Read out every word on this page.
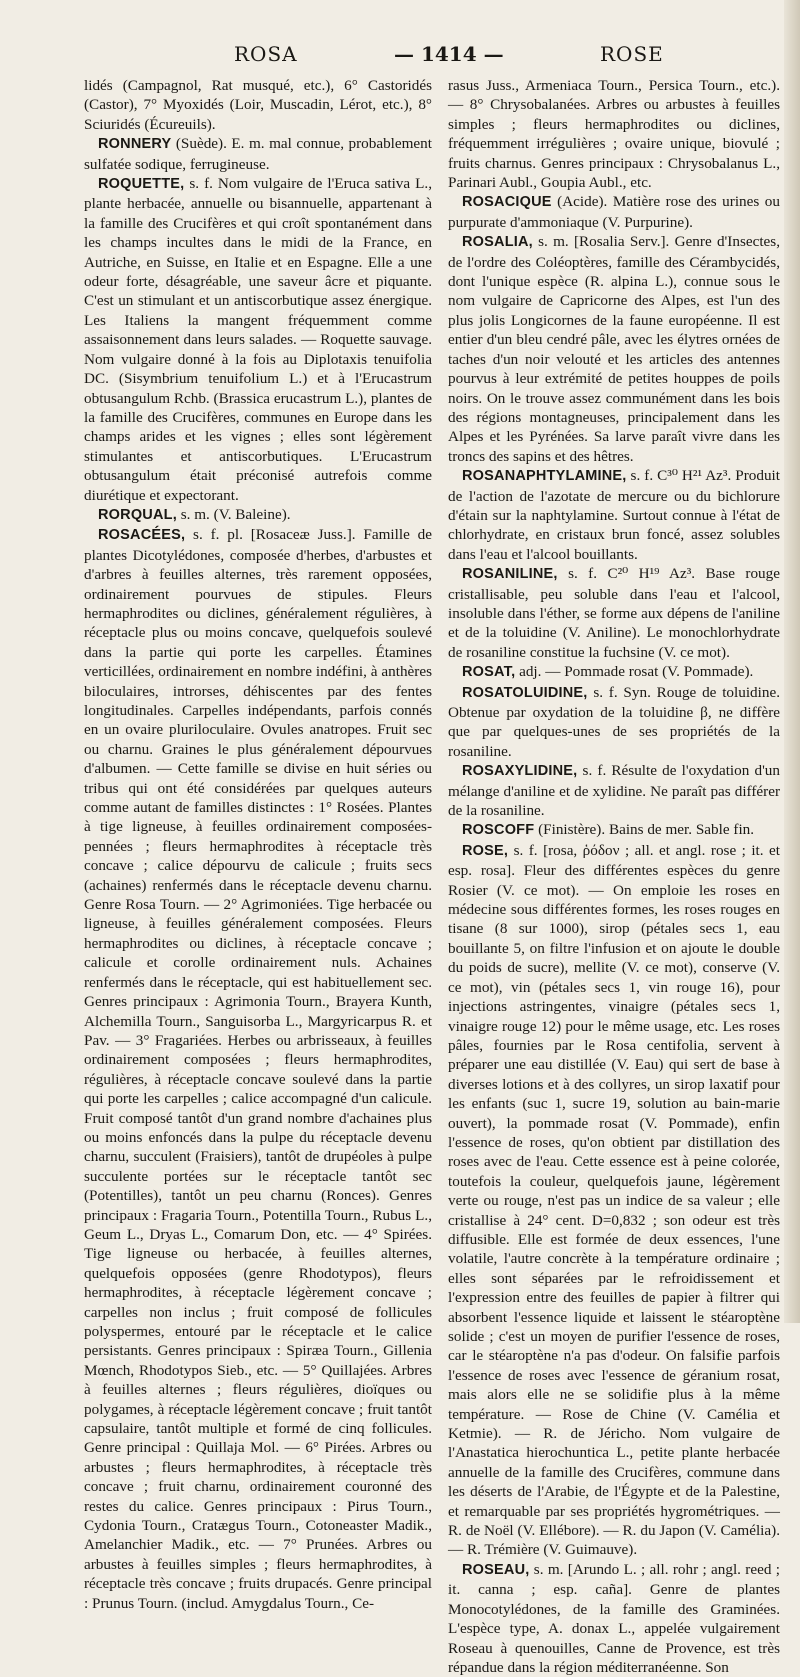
ROSA	— 1414 —	ROSE

lidés (Campagnol, Rat musqué, etc.), 6° Castoridés (Castor), 7° Myoxidés (Loir, Muscadin, Lérot, etc.), 8° Sciuridés (Écureuils).

RONNERY (Suède). E. m. mal connue, probablement sulfatée sodique, ferrugineuse.

ROQUETTE, s. f. Nom vulgaire de l'Eruca sativa L., plante herbacée, annuelle ou bisannuelle, appartenant à la famille des Crucifères et qui croît spontanément dans les champs incultes dans le midi de la France, en Autriche, en Suisse, en Italie et en Espagne. Elle a une odeur forte, désagréable, une saveur âcre et piquante. C'est un stimulant et un antiscorbutique assez énergique. Les Italiens la mangent fréquemment comme assaisonnement dans leurs salades. — Roquette sauvage. Nom vulgaire donné à la fois au Diplotaxis tenuifolia DC. (Sisymbrium tenuifolium L.) et à l'Erucastrum obtusangulum Rchb. (Brassica erucastrum L.), plantes de la famille des Crucifères, communes en Europe dans les champs arides et les vignes ; elles sont légèrement stimulantes et antiscorbutiques. L'Erucastrum obtusangulum était préconisé autrefois comme diurétique et expectorant.

RORQUAL, s. m. (V. Baleine).

ROSACÉES, s. f. pl. [Rosaceæ Juss.]. Famille de plantes Dicotylédones, composée d'herbes, d'arbustes et d'arbres à feuilles alternes, très rarement opposées, ordinairement pourvues de stipules. Fleurs hermaphrodites ou diclines, généralement régulières, à réceptacle plus ou moins concave, quelquefois soulevé dans la partie qui porte les carpelles. Étamines verticillées, ordinairement en nombre indéfini, à anthères biloculaires, introrses, déhiscentes par des fentes longitudinales. Carpelles indépendants, parfois connés en un ovaire pluriloculaire. Ovules anatropes. Fruit sec ou charnu. Graines le plus généralement dépourvues d'albumen. — Cette famille se divise en huit séries ou tribus qui ont été considérées par quelques auteurs comme autant de familles distinctes : 1° Rosées. Plantes à tige ligneuse, à feuilles ordinairement composées-pennées ; fleurs hermaphrodites à réceptacle très concave ; calice dépourvu de calicule ; fruits secs (achaines) renfermés dans le réceptacle devenu charnu. Genre Rosa Tourn. — 2° Agrimoniées. Tige herbacée ou ligneuse, à feuilles généralement composées. Fleurs hermaphrodites ou diclines, à réceptacle concave ; calicule et corolle ordinairement nuls. Achaines renfermés dans le réceptacle, qui est habituellement sec. Genres principaux : Agrimonia Tourn., Brayera Kunth, Alchemilla Tourn., Sanguisorba L., Margyricarpus R. et Pav. — 3° Fragariées. Herbes ou arbrisseaux, à feuilles ordinairement composées ; fleurs hermaphrodites, régulières, à réceptacle concave soulevé dans la partie qui porte les carpelles ; calice accompagné d'un calicule. Fruit composé tantôt d'un grand nombre d'achaines plus ou moins enfoncés dans la pulpe du réceptacle devenu charnu, succulent (Fraisiers), tantôt de drupéoles à pulpe succulente portées sur le réceptacle tantôt sec (Potentilles), tantôt un peu charnu (Ronces). Genres principaux : Fragaria Tourn., Potentilla Tourn., Rubus L., Geum L., Dryas L., Comarum Don, etc. — 4° Spirées. Tige ligneuse ou herbacée, à feuilles alternes, quelquefois opposées (genre Rhodotypos), fleurs hermaphrodites, à réceptacle légèrement concave ; carpelles non inclus ; fruit composé de follicules polyspermes, entouré par le réceptacle et le calice persistants. Genres principaux : Spiræa Tourn., Gillenia Mœnch, Rhodotypos Sieb., etc. — 5° Quillajées. Arbres à feuilles alternes ; fleurs régulières, dioïques ou polygames, à réceptacle légèrement concave ; fruit tantôt capsulaire, tantôt multiple et formé de cinq follicules. Genre principal : Quillaja Mol. — 6° Pirées. Arbres ou arbustes ; fleurs hermaphrodites, à réceptacle très concave ; fruit charnu, ordinairement couronné des restes du calice. Genres principaux : Pirus Tourn., Cydonia Tourn., Cratægus Tourn., Cotoneaster Madik., Amelanchier Madik., etc. — 7° Prunées. Arbres ou arbustes à feuilles simples ; fleurs hermaphrodites, à réceptacle très concave ; fruits drupacés. Genre principal : Prunus Tourn. (includ. Amygdalus Tourn., Ce-

rasus Juss., Armeniaca Tourn., Persica Tourn., etc.). — 8° Chrysobalanées. Arbres ou arbustes à feuilles simples ; fleurs hermaphrodites ou diclines, fréquemment irrégulières ; ovaire unique, biovulé ; fruits charnus. Genres principaux : Chrysobalanus L., Parinari Aubl., Goupia Aubl., etc.

ROSACIQUE (Acide). Matière rose des urines ou purpurate d'ammoniaque (V. Purpurine).

ROSALIA, s. m. [Rosalia Serv.]. Genre d'Insectes, de l'ordre des Coléoptères, famille des Cérambycidés, dont l'unique espèce (R. alpina L.), connue sous le nom vulgaire de Capricorne des Alpes, est l'un des plus jolis Longicornes de la faune européenne. Il est entier d'un bleu cendré pâle, avec les élytres ornées de taches d'un noir velouté et les articles des antennes pourvus à leur extrémité de petites houppes de poils noirs. On le trouve assez communément dans les bois des régions montagneuses, principalement dans les Alpes et les Pyrénées. Sa larve paraît vivre dans les troncs des sapins et des hêtres.

ROSANAPHTYLAMINE, s. f. C³⁰ H²¹ Az³. Produit de l'action de l'azotate de mercure ou du bichlorure d'étain sur la naphtylamine. Surtout connue à l'état de chlorhydrate, en cristaux brun foncé, assez solubles dans l'eau et l'alcool bouillants.

ROSANILINE, s. f. C²⁰ H¹⁹ Az³. Base rouge cristallisable, peu soluble dans l'eau et l'alcool, insoluble dans l'éther, se forme aux dépens de l'aniline et de la toluidine (V. Aniline). Le monochlorhydrate de rosaniline constitue la fuchsine (V. ce mot).

ROSAT, adj. — Pommade rosat (V. Pommade).

ROSATOLUIDINE, s. f. Syn. Rouge de toluidine. Obtenue par oxydation de la toluidine β, ne diffère que par quelques-unes de ses propriétés de la rosaniline.

ROSAXYLIDINE, s. f. Résulte de l'oxydation d'un mélange d'aniline et de xylidine. Ne paraît pas différer de la rosaniline.

ROSCOFF (Finistère). Bains de mer. Sable fin.

ROSE, s. f. [rosa, ῥόδον ; all. et angl. rose ; it. et esp. rosa]. Fleur des différentes espèces du genre Rosier (V. ce mot). — On emploie les roses en médecine sous différentes formes, les roses rouges en tisane (8 sur 1000), sirop (pétales secs 1, eau bouillante 5, on filtre l'infusion et on ajoute le double du poids de sucre), mellite (V. ce mot), conserve (V. ce mot), vin (pétales secs 1, vin rouge 16), pour injections astringentes, vinaigre (pétales secs 1, vinaigre rouge 12) pour le même usage, etc. Les roses pâles, fournies par le Rosa centifolia, servent à préparer une eau distillée (V. Eau) qui sert de base à diverses lotions et à des collyres, un sirop laxatif pour les enfants (suc 1, sucre 19, solution au bain-marie ouvert), la pommade rosat (V. Pommade), enfin l'essence de roses, qu'on obtient par distillation des roses avec de l'eau. Cette essence est à peine colorée, toutefois la couleur, quelquefois jaune, légèrement verte ou rouge, n'est pas un indice de sa valeur ; elle cristallise à 24° cent. D=0,832 ; son odeur est très diffusible. Elle est formée de deux essences, l'une volatile, l'autre concrète à la température ordinaire ; elles sont séparées par le refroidissement et l'expression entre des feuilles de papier à filtrer qui absorbent l'essence liquide et laissent le stéaroptène solide ; c'est un moyen de purifier l'essence de roses, car le stéaroptène n'a pas d'odeur. On falsifie parfois l'essence de roses avec l'essence de géranium rosat, mais alors elle ne se solidifie plus à la même température. — Rose de Chine (V. Camélia et Ketmie). — R. de Jéricho. Nom vulgaire de l'Anastatica hierochuntica L., petite plante herbacée annuelle de la famille des Crucifères, commune dans les déserts de l'Arabie, de l'Égypte et de la Palestine, et remarquable par ses propriétés hygrométriques. — R. de Noël (V. Ellébore). — R. du Japon (V. Camélia). — R. Trémière (V. Guimauve).

ROSEAU, s. m. [Arundo L. ; all. rohr ; angl. reed ; it. canna ; esp. caña]. Genre de plantes Monocotylédones, de la famille des Graminées. L'espèce type, A. donax L., appelée vulgairement Roseau à quenouilles, Canne de Provence, est très répandue dans la région méditerranéenne. Son
